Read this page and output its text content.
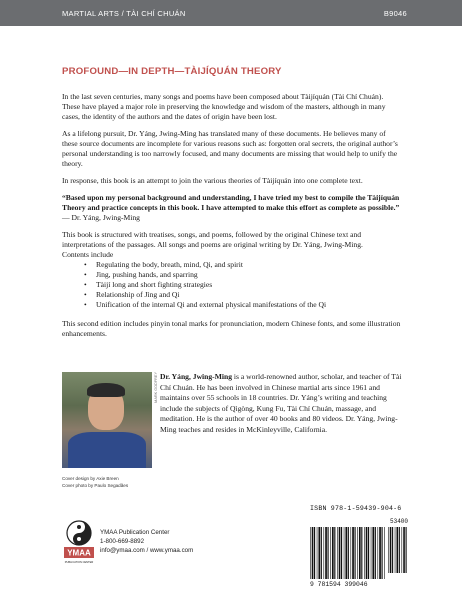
MARTIAL ARTS / TÀI CHÍ CHUÁN	B9046
PROFOUND—IN DEPTH—TÀIJÍQUÁN THEORY

In the last seven centuries, many songs and poems have been composed about Tàijíquán (Tài Chí Chuán). These have played a major role in preserving the knowledge and wisdom of the masters, although in many cases, the identity of the authors and the dates of origin have been lost.

As a lifelong pursuit, Dr. Yáng, Jwing-Ming has translated many of these documents. He believes many of these source documents are incomplete for various reasons such as: forgotten oral secrets, the original author’s personal understanding is too narrowly focused, and many documents are missing that would help to unify the theory.

In response, this book is an attempt to join the various theories of Tàijíquán into one complete text.

“Based upon my personal background and understanding, I have tried my best to compile the Tàijíquán Theory and practice concepts in this book. I have attempted to make this effort as complete as possible.” — Dr. Yáng, Jwing-Ming

This book is structured with treatises, songs, and poems, followed by the original Chinese text and interpretations of the passages. All songs and poems are original writing by Dr. Yáng, Jwing-Ming.
Contents include

• Regulating the body, breath, mind, Qi, and spirit
• Jìng, pushing hands, and sparring
• Tàijí long and short fighting strategies
• Relationship of Jìng and Qi
• Unification of the internal Qi and external physical manifestations of the Qi

This second edition includes pinyin tonal marks for pronunciation, modern Chinese fonts, and some illustration enhancements.

MARK GODFREY Dr. Yáng, Jwing-Ming is a world-renowned author, scholar, and teacher of Tài Chí Chuán. He has been involved in Chinese martial arts since 1961 and maintains over 55 schools in 18 countries. Dr. Yáng’s writing and teaching include the subjects of Qìgòng, Kung Fu, Tài Chí Chuán, massage, and meditation. He is the author of over 40 books and 80 videos. Dr. Yáng, Jwing-Ming teaches and resides in McKinleyville, California.
Cover design by Axie Breen
Cover photo by Paulo Segadães
YMAA
PUBLICATION CENTER
YMAA Publication Center
1-800-669-8892
info@ymaa.com / www.ymaa.com
ISBN 978-1-59439-904-6
53400
9 781594 399046
